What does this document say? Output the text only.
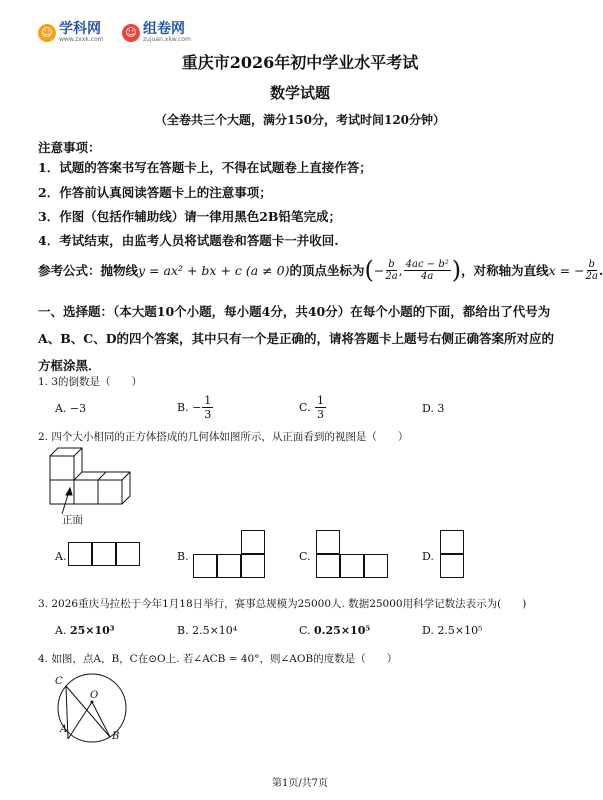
☺ 学科网
www.zxxk.com
☺ 组卷网
zujuan.xkw.com
重庆市2026年初中学业水平考试
数学试题
（全卷共三个大题，满分150分，考试时间120分钟）
注意事项：
1．试题的答案书写在答题卡上，不得在试题卷上直接作答；
2．作答前认真阅读答题卡上的注意事项；
3．作图（包括作辅助线）请一律用黑色2B铅笔完成；
4．考试结束，由监考人员将试题卷和答题卡一并收回.
参考公式：抛物线 y = ax² + bx + c (a ≠ 0) 的顶点坐标为 ( − $\frac{b}{2a}$ , $\frac{\text{4ac − b²}}{4a}$ ) ，对称轴为直线 x = − $\frac{b}{2a}$ .
一、选择题：（本大题10个小题，每小题4分，共40分）在每个小题的下面，都给出了代号为A、B、C、D的四个答案，其中只有一个是正确的，请将答题卡上题号右侧正确答案所对应的方框涂黑．
1. 3的倒数是（　　）
A. −3	B. − $\frac{1}{3}$	C.
$\frac{1}{3}$	D. 3
2. 四个大小相同的正方体搭成的几何体如图所示，从正面看到的视图是（　　）
正面
A.	B.	C.	D.
3. 2026重庆马拉松于今年1月18日举行，赛事总规模为25000人. 数据25000用科学记数法表示为(　　)
A. 25×10³	B. 2.5×10⁴	C. 0.25×10⁵	D. 2.5×10⁵
4. 如图，点A，B，C在⊙O上. 若∠ACB = 40°，则∠AOB的度数是（　　）
C
O
A
B
第1页/共7页
